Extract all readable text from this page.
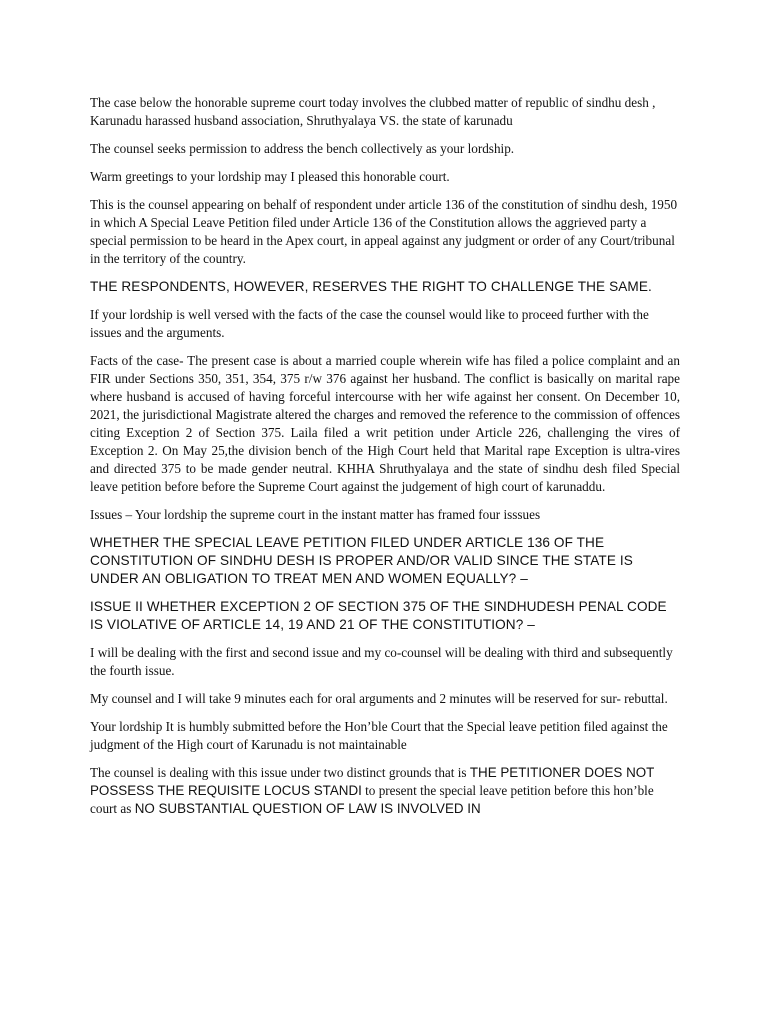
The case below the honorable supreme court today involves the clubbed matter of republic of sindhu desh , Karunadu harassed husband association, Shruthyalaya VS. the state of karunadu

The counsel seeks permission to address the bench collectively as your lordship.

Warm greetings to your lordship may I pleased this honorable court.

This is the counsel appearing on behalf of respondent under article 136 of the constitution of sindhu desh, 1950 in which A Special Leave Petition filed under Article 136 of the Constitution allows the aggrieved party a special permission to be heard in the Apex court, in appeal against any judgment or order of any Court/tribunal in the territory of the country.

THE RESPONDENTS, HOWEVER, RESERVES THE RIGHT TO CHALLENGE THE SAME.

If your lordship is well versed with the facts of the case the counsel would like to proceed further with the issues and the arguments.

Facts of the case- The present case is about a married couple wherein wife has filed a police complaint and an FIR under Sections 350, 351, 354, 375 r/w 376 against her husband. The conflict is basically on marital rape where husband is accused of having forceful intercourse with her wife against her consent. On December 10, 2021, the jurisdictional Magistrate altered the charges and removed the reference to the commission of offences citing Exception 2 of Section 375. Laila filed a writ petition under Article 226, challenging the vires of Exception 2. On May 25,the division bench of the High Court held that Marital rape Exception is ultra-vires and directed 375 to be made gender neutral. KHHA Shruthyalaya and the state of sindhu desh filed Special leave petition before before the Supreme Court against the judgement of high court of karunaddu.

Issues – Your lordship the supreme court in the instant matter has framed four isssues

WHETHER THE SPECIAL LEAVE PETITION FILED UNDER ARTICLE 136 OF THE CONSTITUTION OF SINDHU DESH IS PROPER AND/OR VALID SINCE THE STATE IS UNDER AN OBLIGATION TO TREAT MEN AND WOMEN EQUALLY? –

ISSUE II WHETHER EXCEPTION 2 OF SECTION 375 OF THE SINDHUDESH PENAL CODE IS VIOLATIVE OF ARTICLE 14, 19 AND 21 OF THE CONSTITUTION? –

I will be dealing with the first and second issue and my co-counsel will be dealing with third and subsequently the fourth issue.

My counsel and I will take 9 minutes each for oral arguments and 2 minutes will be reserved for sur- rebuttal.

Your lordship It is humbly submitted before the Hon’ble Court that the Special leave petition filed against the judgment of the High court of Karunadu is not maintainable

The counsel is dealing with this issue under two distinct grounds that is THE PETITIONER DOES NOT POSSESS THE REQUISITE LOCUS STANDI to present the special leave petition before this hon’ble court as NO SUBSTANTIAL QUESTION OF LAW IS INVOLVED IN
